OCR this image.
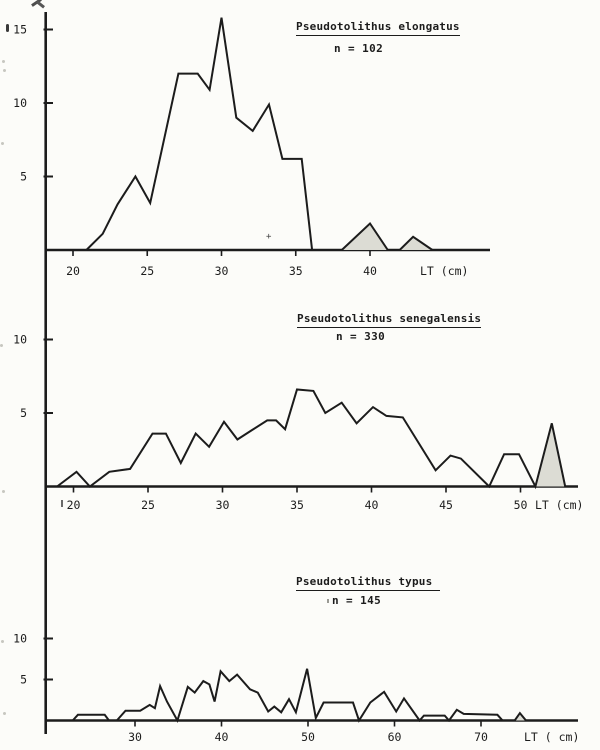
20	25	30	35	40
5
10
15
LT (cm)
20	25	30	35	40	45	50
5
10
LT (cm)
30	40	50	60	70
5
10
LT ( cm)
Pseudotolithus elongatus
n = 102
Pseudotolithus senegalensis
n = 330
Pseudotolithus typus
n = 145
+
